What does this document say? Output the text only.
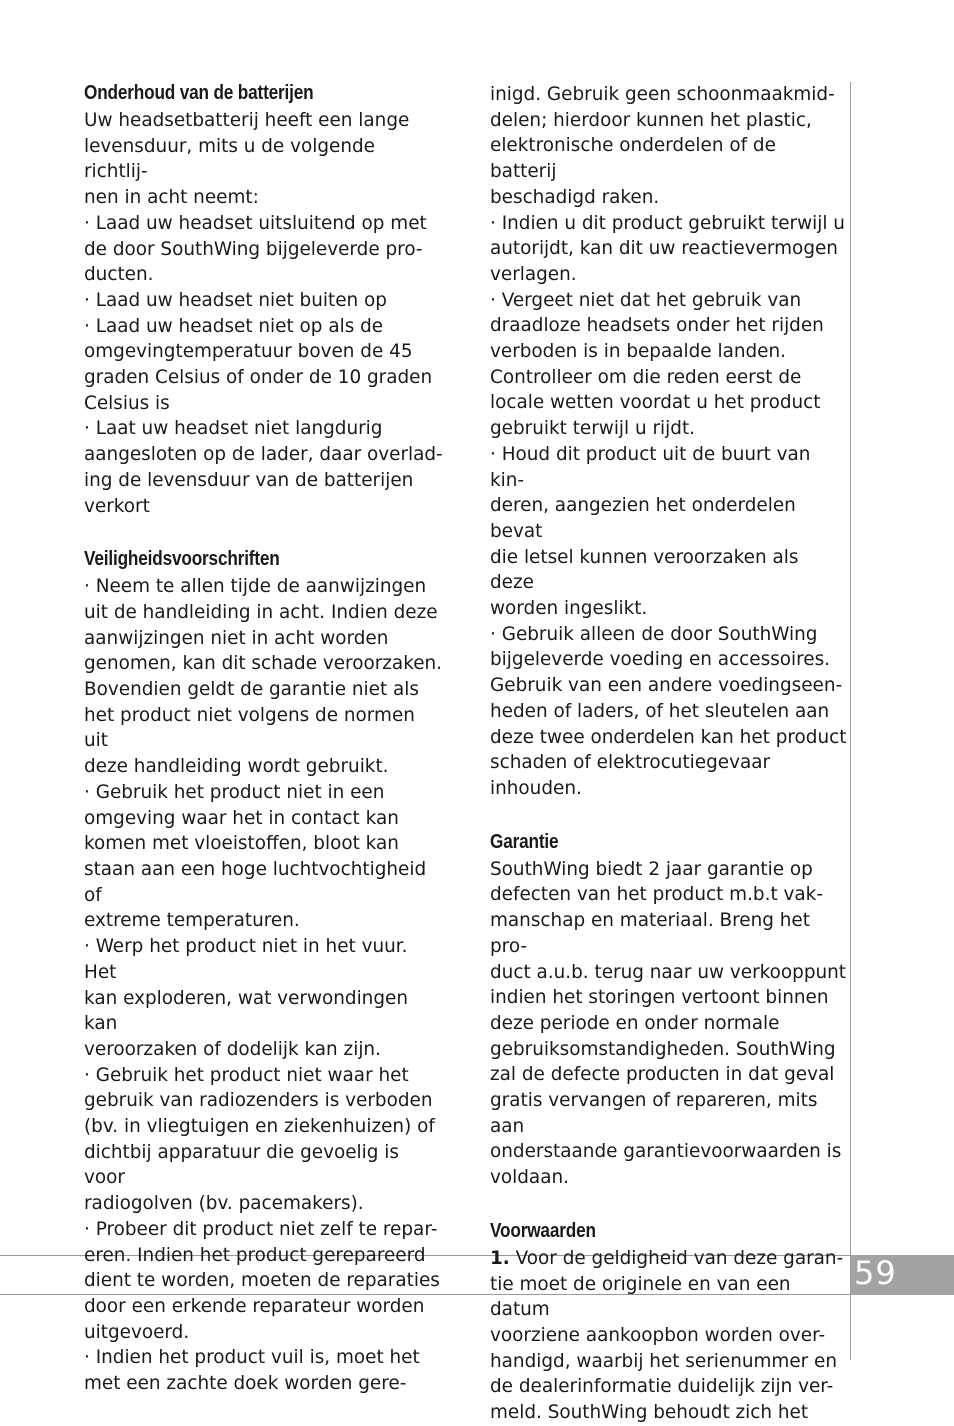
Onderhoud van de batterijen

Uw headsetbatterij heeft een lange
levensduur, mits u de volgende richtlij-
nen in acht neemt:
· Laad uw headset uitsluitend op met
de door SouthWing bijgeleverde pro-
ducten.
· Laad uw headset niet buiten op
· Laad uw headset niet op als de
omgevingtemperatuur boven de 45
graden Celsius of onder de 10 graden
Celsius is
· Laat uw headset niet langdurig
aangesloten op de lader, daar overlad-
ing de levensduur van de batterijen
verkort

Veiligheidsvoorschriften

· Neem te allen tijde de aanwijzingen
uit de handleiding in acht. Indien deze
aanwijzingen niet in acht worden
genomen, kan dit schade veroorzaken.
Bovendien geldt de garantie niet als
het product niet volgens de normen uit
deze handleiding wordt gebruikt.
· Gebruik het product niet in een
omgeving waar het in contact kan
komen met vloeistoffen, bloot kan
staan aan een hoge luchtvochtigheid of
extreme temperaturen.
· Werp het product niet in het vuur. Het
kan exploderen, wat verwondingen kan
veroorzaken of dodelijk kan zijn.
· Gebruik het product niet waar het
gebruik van radiozenders is verboden
(bv. in vliegtuigen en ziekenhuizen) of
dichtbij apparatuur die gevoelig is voor
radiogolven (bv. pacemakers).
· Probeer dit product niet zelf te repar-
eren. Indien het product gerepareerd
dient te worden, moeten de reparaties
door een erkende reparateur worden
uitgevoerd.
· Indien het product vuil is, moet het
met een zachte doek worden gere-

inigd. Gebruik geen schoonmaakmid-
delen; hierdoor kunnen het plastic,
elektronische onderdelen of de batterij
beschadigd raken.
· Indien u dit product gebruikt terwijl u
autorijdt, kan dit uw reactievermogen
verlagen.
· Vergeet niet dat het gebruik van
draadloze headsets onder het rijden
verboden is in bepaalde landen.
Controlleer om die reden eerst de
locale wetten voordat u het product
gebruikt terwijl u rijdt.
· Houd dit product uit de buurt van kin-
deren, aangezien het onderdelen bevat
die letsel kunnen veroorzaken als deze
worden ingeslikt.
· Gebruik alleen de door SouthWing
bijgeleverde voeding en accessoires.
Gebruik van een andere voedingseen-
heden of laders, of het sleutelen aan
deze twee onderdelen kan het product
schaden of elektrocutiegevaar
inhouden.

Garantie

SouthWing biedt 2 jaar garantie op
defecten van het product m.b.t vak-
manschap en materiaal. Breng het pro-
duct a.u.b. terug naar uw verkooppunt
indien het storingen vertoont binnen
deze periode en onder normale
gebruiksomstandigheden. SouthWing
zal de defecte producten in dat geval
gratis vervangen of repareren, mits aan
onderstaande garantievoorwaarden is
voldaan.

Voorwaarden

1. Voor de geldigheid van deze garan-
tie moet de originele en van een datum
voorziene aankoopbon worden over-
handigd, waarbij het serienummer en
de dealerinformatie duidelijk zijn ver-
meld. SouthWing behoudt zich het

59
